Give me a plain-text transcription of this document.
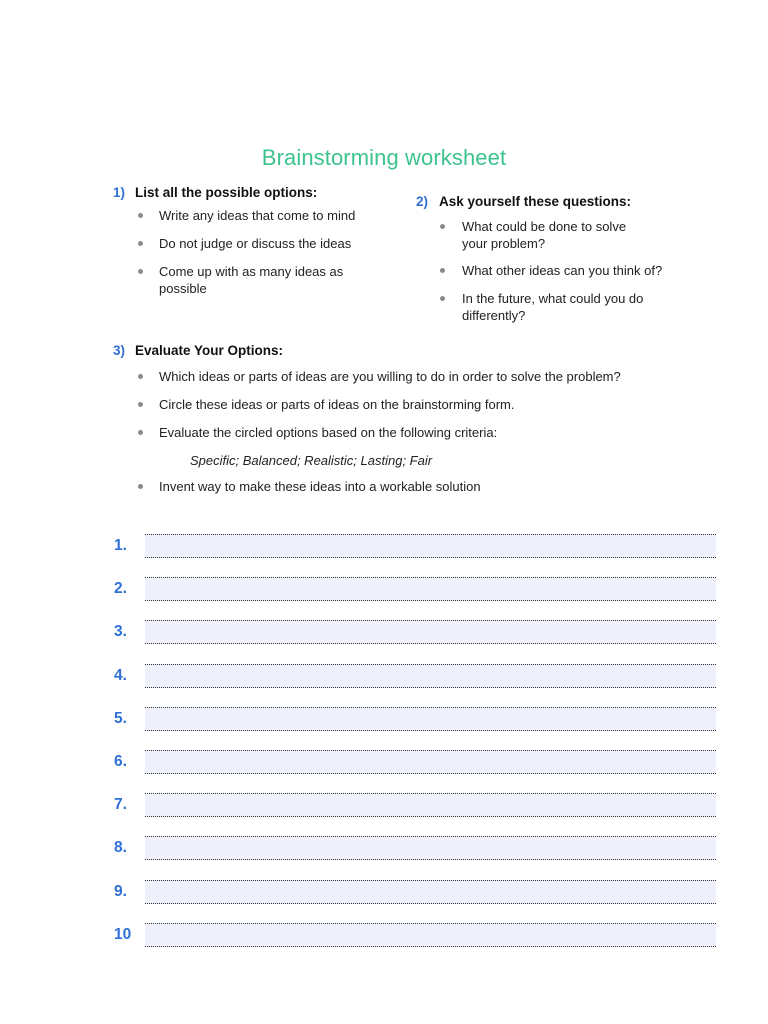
Brainstorming worksheet
1) List all the possible options:
Write any ideas that come to mind
Do not judge or discuss the ideas
Come up with as many ideas as possible
2) Ask yourself these questions:
What could be done to solve your problem?
What other ideas can you think of?
In the future, what could you do differently?
3) Evaluate Your Options:
Which ideas or parts of ideas are you willing to do in order to solve the problem?
Circle these ideas or parts of ideas on the brainstorming form.
Evaluate the circled options based on the following criteria:
Invent way to make these ideas into a workable solution
Specific; Balanced; Realistic; Lasting; Fair
1.
2.
3.
4.
5.
6.
7.
8.
9.
10
